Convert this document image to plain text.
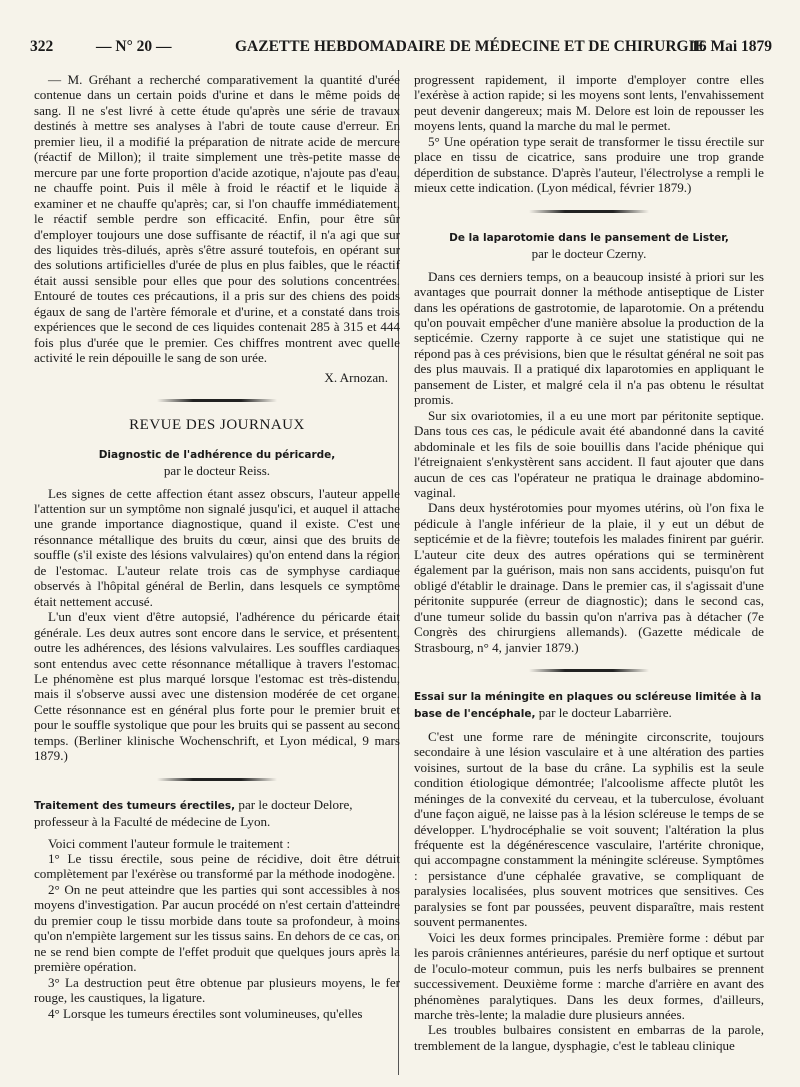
322	— N° 20 —	GAZETTE HEBDOMADAIRE DE MÉDECINE ET DE CHIRURGIE
16 Mai 1879

— M. Gréhant a recherché comparativement la quantité d'urée contenue dans un certain poids d'urine et dans le même poids de sang. Il ne s'est livré à cette étude qu'après une série de travaux destinés à mettre ses analyses à l'abri de toute cause d'erreur. En premier lieu, il a modifié la préparation de nitrate acide de mercure (réactif de Millon); il traite simplement une très-petite masse de mercure par une forte proportion d'acide azotique, n'ajoute pas d'eau, ne chauffe point. Puis il mêle à froid le réactif et le liquide à examiner et ne chauffe qu'après; car, si l'on chauffe immédiatement, le réactif semble perdre son efficacité. Enfin, pour être sûr d'employer toujours une dose suffisante de réactif, il n'a agi que sur des liquides très-dilués, après s'être assuré toutefois, en opérant sur des solutions artificielles d'urée de plus en plus faibles, que le réactif était aussi sensible pour elles que pour des solutions concentrées. Entouré de toutes ces précautions, il a pris sur des chiens des poids égaux de sang de l'artère fémorale et d'urine, et a constaté dans trois expériences que le second de ces liquides contenait 285 à 315 et 444 fois plus d'urée que le premier. Ces chiffres montrent avec quelle activité le rein dépouille le sang de son urée.

X. Arnozan.

REVUE DES JOURNAUX
Diagnostic de l'adhérence du péricarde,
par le docteur Reiss.

Les signes de cette affection étant assez obscurs, l'auteur appelle l'attention sur un symptôme non signalé jusqu'ici, et auquel il attache une grande importance diagnostique, quand il existe. C'est une résonnance métallique des bruits du cœur, ainsi que des bruits de souffle (s'il existe des lésions valvulaires) qu'on entend dans la région de l'estomac. L'auteur relate trois cas de symphyse cardiaque observés à l'hôpital général de Berlin, dans lesquels ce symptôme était nettement accusé.

L'un d'eux vient d'être autopsié, l'adhérence du péricarde était générale. Les deux autres sont encore dans le service, et présentent, outre les adhérences, des lésions valvulaires. Les souffles cardiaques sont entendus avec cette résonnance métallique à travers l'estomac. Le phénomène est plus marqué lorsque l'estomac est très-distendu, mais il s'observe aussi avec une distension modérée de cet organe. Cette résonnance est en général plus forte pour le premier bruit et pour le souffle systolique que pour les bruits qui se passent au second temps. (Berliner klinische Wochenschrift, et Lyon médical, 9 mars 1879.)

Traitement des tumeurs érectiles, par le docteur Delore, professeur à la Faculté de médecine de Lyon.

Voici comment l'auteur formule le traitement :

1° Le tissu érectile, sous peine de récidive, doit être détruit complètement par l'exérèse ou transformé par la méthode inodogène.

2° On ne peut atteindre que les parties qui sont accessibles à nos moyens d'investigation. Par aucun procédé on n'est certain d'atteindre du premier coup le tissu morbide dans toute sa profondeur, à moins qu'on n'empiète largement sur les tissus sains. En dehors de ce cas, on ne se rend bien compte de l'effet produit que quelques jours après la première opération.

3° La destruction peut être obtenue par plusieurs moyens, le fer rouge, les caustiques, la ligature.

4° Lorsque les tumeurs érectiles sont volumineuses, qu'elles

progressent rapidement, il importe d'employer contre elles l'exérèse à action rapide; si les moyens sont lents, l'envahissement peut devenir dangereux; mais M. Delore est loin de repousser les moyens lents, quand la marche du mal le permet.

5° Une opération type serait de transformer le tissu érectile sur place en tissu de cicatrice, sans produire une trop grande déperdition de substance. D'après l'auteur, l'électrolyse a rempli le mieux cette indication. (Lyon médical, février 1879.)

De la laparotomie dans le pansement de Lister,
par le docteur Czerny.

Dans ces derniers temps, on a beaucoup insisté à priori sur les avantages que pourrait donner la méthode antiseptique de Lister dans les opérations de gastrotomie, de laparotomie. On a prétendu qu'on pouvait empêcher d'une manière absolue la production de la septicémie. Czerny rapporte à ce sujet une statistique qui ne répond pas à ces prévisions, bien que le résultat général ne soit pas des plus mauvais. Il a pratiqué dix laparotomies en appliquant le pansement de Lister, et malgré cela il n'a pas obtenu le résultat promis.

Sur six ovariotomies, il a eu une mort par péritonite septique. Dans tous ces cas, le pédicule avait été abandonné dans la cavité abdominale et les fils de soie bouillis dans l'acide phénique qui l'étreignaient s'enkystèrent sans accident. Il faut ajouter que dans aucun de ces cas l'opérateur ne pratiqua le drainage abdomino-vaginal.

Dans deux hystérotomies pour myomes utérins, où l'on fixa le pédicule à l'angle inférieur de la plaie, il y eut un début de septicémie et de la fièvre; toutefois les malades finirent par guérir. L'auteur cite deux des autres opérations qui se terminèrent également par la guérison, mais non sans accidents, puisqu'on fut obligé d'établir le drainage. Dans le premier cas, il s'agissait d'une péritonite suppurée (erreur de diagnostic); dans le second cas, d'une tumeur solide du bassin qu'on n'arriva pas à détacher (7e Congrès des chirurgiens allemands). (Gazette médicale de Strasbourg, n° 4, janvier 1879.)

Essai sur la méningite en plaques ou scléreuse limitée à la base de l'encéphale, par le docteur Labarrière.

C'est une forme rare de méningite circonscrite, toujours secondaire à une lésion vasculaire et à une altération des parties voisines, surtout de la base du crâne. La syphilis est la seule condition étiologique démontrée; l'alcoolisme affecte plutôt les méninges de la convexité du cerveau, et la tuberculose, évoluant d'une façon aiguë, ne laisse pas à la lésion scléreuse le temps de se développer. L'hydrocéphalie se voit souvent; l'altération la plus fréquente est la dégénérescence vasculaire, l'artérite chronique, qui accompagne constamment la méningite scléreuse. Symptômes : persistance d'une céphalée gravative, se compliquant de paralysies localisées, plus souvent motrices que sensitives. Ces paralysies se font par poussées, peuvent disparaître, mais restent souvent permanentes.

Voici les deux formes principales. Première forme : début par les parois crâniennes antérieures, parésie du nerf optique et surtout de l'oculo-moteur commun, puis les nerfs bulbaires se prennent successivement. Deuxième forme : marche d'arrière en avant des phénomènes paralytiques. Dans les deux formes, d'ailleurs, marche très-lente; la maladie dure plusieurs années.

Les troubles bulbaires consistent en embarras de la parole, tremblement de la langue, dysphagie, c'est le tableau clinique
